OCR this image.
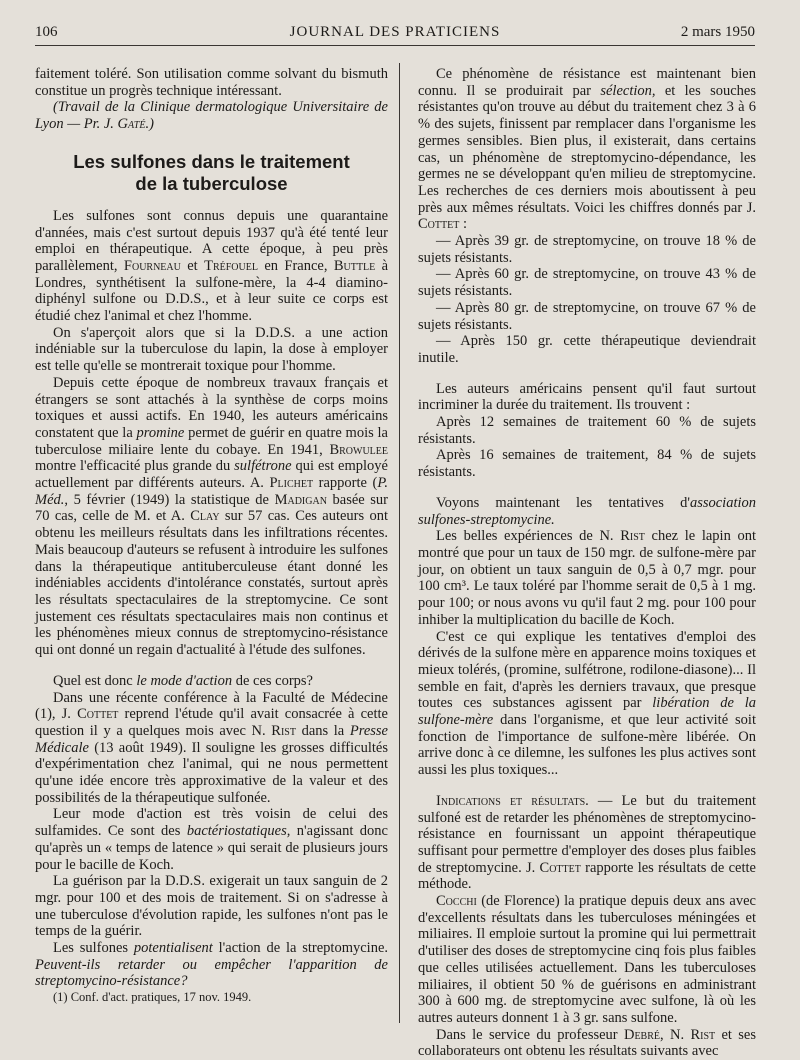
106	JOURNAL DES PRATICIENS	2 mars 1950

faitement toléré. Son utilisation comme solvant du bismuth constitue un progrès technique intéressant.

(Travail de la Clinique dermatologique Universitaire de Lyon — Pr. J. Gaté.)

Les sulfones dans le traitement
de la tuberculose

Les sulfones sont connus depuis une quarantaine d'années, mais c'est surtout depuis 1937 qu'à été tenté leur emploi en thérapeutique. A cette époque, à peu près parallèlement, Fourneau et Tréfouel en France, Buttle à Londres, synthétisent la sulfone-mère, la 4-4 diamino-diphényl sulfone ou D.D.S., et à leur suite ce corps est étudié chez l'animal et chez l'homme.

On s'aperçoit alors que si la D.D.S. a une action indéniable sur la tuberculose du lapin, la dose à employer est telle qu'elle se montrerait toxique pour l'homme.

Depuis cette époque de nombreux travaux français et étrangers se sont attachés à la synthèse de corps moins toxiques et aussi actifs. En 1940, les auteurs américains constatent que la promine permet de guérir en quatre mois la tuberculose miliaire lente du cobaye. En 1941, Browulee montre l'efficacité plus grande du sulfétrone qui est employé actuellement par différents auteurs. A. Plichet rapporte (P. Méd., 5 février (1949) la statistique de Madigan basée sur 70 cas, celle de M. et A. Clay sur 57 cas. Ces auteurs ont obtenu les meilleurs résultats dans les infiltrations récentes. Mais beaucoup d'auteurs se refusent à introduire les sulfones dans la thérapeutique antituberculeuse étant donné les indéniables accidents d'intolérance constatés, surtout après les résultats spectaculaires de la streptomycine. Ce sont justement ces résultats spectaculaires mais non continus et les phénomènes mieux connus de streptomycino-résistance qui ont donné un regain d'actualité à l'étude des sulfones.

Quel est donc le mode d'action de ces corps?

Dans une récente conférence à la Faculté de Médecine (1), J. Cottet reprend l'étude qu'il avait consacrée à cette question il y a quelques mois avec N. Rist dans la Presse Médicale (13 août 1949). Il souligne les grosses difficultés d'expérimentation chez l'animal, qui ne nous permettent qu'une idée encore très approximative de la valeur et des possibilités de la thérapeutique sulfonée.

Leur mode d'action est très voisin de celui des sulfamides. Ce sont des bactériostatiques, n'agissant donc qu'après un « temps de latence » qui serait de plusieurs jours pour le bacille de Koch.

La guérison par la D.D.S. exigerait un taux sanguin de 2 mgr. pour 100 et des mois de traitement. Si on s'adresse à une tuberculose d'évolution rapide, les sulfones n'ont pas le temps de la guérir.

Les sulfones potentialisent l'action de la streptomycine. Peuvent-ils retarder ou empêcher l'apparition de streptomycino-résistance?

(1) Conf. d'act. pratiques, 17 nov. 1949.

Ce phénomène de résistance est maintenant bien connu. Il se produirait par sélection, et les souches résistantes qu'on trouve au début du traitement chez 3 à 6 % des sujets, finissent par remplacer dans l'organisme les germes sensibles. Bien plus, il existerait, dans certains cas, un phénomène de streptomycino-dépendance, les germes ne se développant qu'en milieu de streptomycine. Les recherches de ces derniers mois aboutissent à peu près aux mêmes résultats. Voici les chiffres donnés par J. Cottet :

— Après 39 gr. de streptomycine, on trouve 18 % de sujets résistants.

— Après 60 gr. de streptomycine, on trouve 43 % de sujets résistants.

— Après 80 gr. de streptomycine, on trouve 67 % de sujets résistants.

— Après 150 gr. cette thérapeutique deviendrait inutile.

Les auteurs américains pensent qu'il faut surtout incriminer la durée du traitement. Ils trouvent :

Après 12 semaines de traitement 60 % de sujets résistants.

Après 16 semaines de traitement, 84 % de sujets résistants.

Voyons maintenant les tentatives d'association sulfones-streptomycine.

Les belles expériences de N. Rist chez le lapin ont montré que pour un taux de 150 mgr. de sulfone-mère par jour, on obtient un taux sanguin de 0,5 à 0,7 mgr. pour 100 cm³. Le taux toléré par l'homme serait de 0,5 à 1 mg. pour 100; or nous avons vu qu'il faut 2 mg. pour 100 pour inhiber la multiplication du bacille de Koch.

C'est ce qui explique les tentatives d'emploi des dérivés de la sulfone mère en apparence moins toxiques et mieux tolérés, (promine, sulfétrone, rodilone-diasone)... Il semble en fait, d'après les derniers travaux, que presque toutes ces substances agissent par libération de la sulfone-mère dans l'organisme, et que leur activité soit fonction de l'importance de sulfone-mère libérée. On arrive donc à ce dilemne, les sulfones les plus actives sont aussi les plus toxiques...

Indications et résultats. — Le but du traitement sulfoné est de retarder les phénomènes de streptomycino-résistance en fournissant un appoint thérapeutique suffisant pour permettre d'employer des doses plus faibles de streptomycine. J. Cottet rapporte les résultats de cette méthode.

Cocchi (de Florence) la pratique depuis deux ans avec d'excellents résultats dans les tuberculoses méningées et miliaires. Il emploie surtout la promine qui lui permettrait d'utiliser des doses de streptomycine cinq fois plus faibles que celles utilisées actuellement. Dans les tuberculoses miliaires, il obtient 50 % de guérisons en administrant 300 à 600 mg. de streptomycine avec sulfone, là où les autres auteurs donnent 1 à 3 gr. sans sulfone.

Dans le service du professeur Debré, N. Rist et ses collaborateurs ont obtenu les résultats suivants avec
